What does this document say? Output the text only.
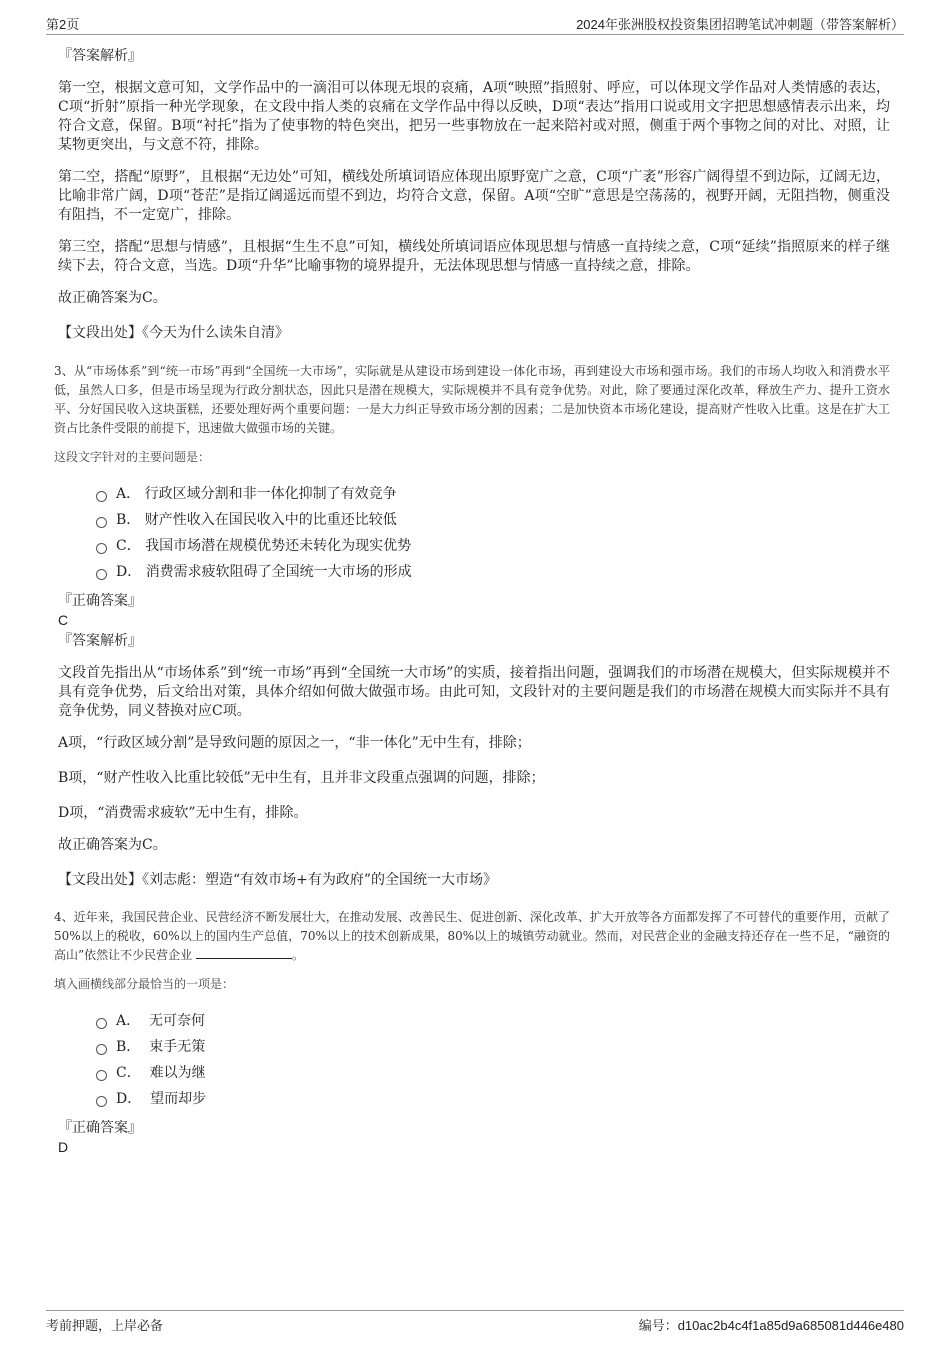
第2页	2024年张洲股权投资集团招聘笔试冲刺题（带答案解析）
『答案解析』

第一空，根据文意可知，文学作品中的一滴泪可以体现无垠的哀痛，A项“映照”指照射、呼应，可以体现文学作品对人类情感的表达，C项“折射”原指一种光学现象，在文段中指人类的哀痛在文学作品中得以反映，D项“表达”指用口说或用文字把思想感情表示出来，均符合文意，保留。B项“衬托”指为了使事物的特色突出，把另一些事物放在一起来陪衬或对照，侧重于两个事物之间的对比、对照，让某物更突出，与文意不符，排除。

第二空，搭配“原野”，且根据“无边处”可知，横线处所填词语应体现出原野宽广之意，C项“广袤”形容广阔得望不到边际，辽阔无边，比喻非常广阔，D项“苍茫”是指辽阔遥远而望不到边，均符合文意，保留。A项“空旷”意思是空荡荡的，视野开阔，无阻挡物，侧重没有阻挡，不一定宽广，排除。

第三空，搭配“思想与情感”，且根据“生生不息”可知，横线处所填词语应体现思想与情感一直持续之意，C项“延续”指照原来的样子继续下去，符合文意，当选。D项“升华”比喻事物的境界提升，无法体现思想与情感一直持续之意，排除。

故正确答案为C。

【文段出处】《今天为什么读朱自清》

3、从“市场体系”到“统一市场”再到“全国统一大市场”，实际就是从建设市场到建设一体化市场，再到建设大市场和强市场。我们的市场人均收入和消费水平低，虽然人口多，但是市场呈现为行政分割状态，因此只是潜在规模大，实际规模并不具有竞争优势。对此，除了要通过深化改革，释放生产力、提升工资水平、分好国民收入这块蛋糕，还要处理好两个重要问题：一是大力纠正导致市场分割的因素；二是加快资本市场化建设，提高财产性收入比重。这是在扩大工资占比条件受限的前提下，迅速做大做强市场的关键。

这段文字针对的主要问题是：
A． 行政区域分割和非一体化抑制了有效竞争
B． 财产性收入在国民收入中的比重还比较低
C． 我国市场潜在规模优势还未转化为现实优势
D． 消费需求疲软阻碍了全国统一大市场的形成
『正确答案』
C
『答案解析』

文段首先指出从“市场体系”到“统一市场”再到“全国统一大市场”的实质，接着指出问题，强调我们的市场潜在规模大，但实际规模并不具有竞争优势，后文给出对策，具体介绍如何做大做强市场。由此可知，文段针对的主要问题是我们的市场潜在规模大而实际并不具有竞争优势，同义替换对应C项。

A项，“行政区域分割”是导致问题的原因之一，“非一体化”无中生有，排除；

B项，“财产性收入比重比较低”无中生有，且并非文段重点强调的问题，排除；

D项，“消费需求疲软”无中生有，排除。

故正确答案为C。

【文段出处】《刘志彪：塑造“有效市场+有为政府”的全国统一大市场》

4、近年来，我国民营企业、民营经济不断发展壮大，在推动发展、改善民生、促进创新、深化改革、扩大开放等各方面都发挥了不可替代的重要作用，贡献了50%以上的税收，60%以上的国内生产总值，70%以上的技术创新成果，80%以上的城镇劳动就业。然而，对民营企业的金融支持还存在一些不足，“融资的高山”依然让不少民营企业	。

填入画横线部分最恰当的一项是：
A． 无可奈何
B． 束手无策
C． 难以为继
D． 望而却步
『正确答案』
D
考前押题，上岸必备	编号：d10ac2b4c4f1a85d9a685081d446e480
